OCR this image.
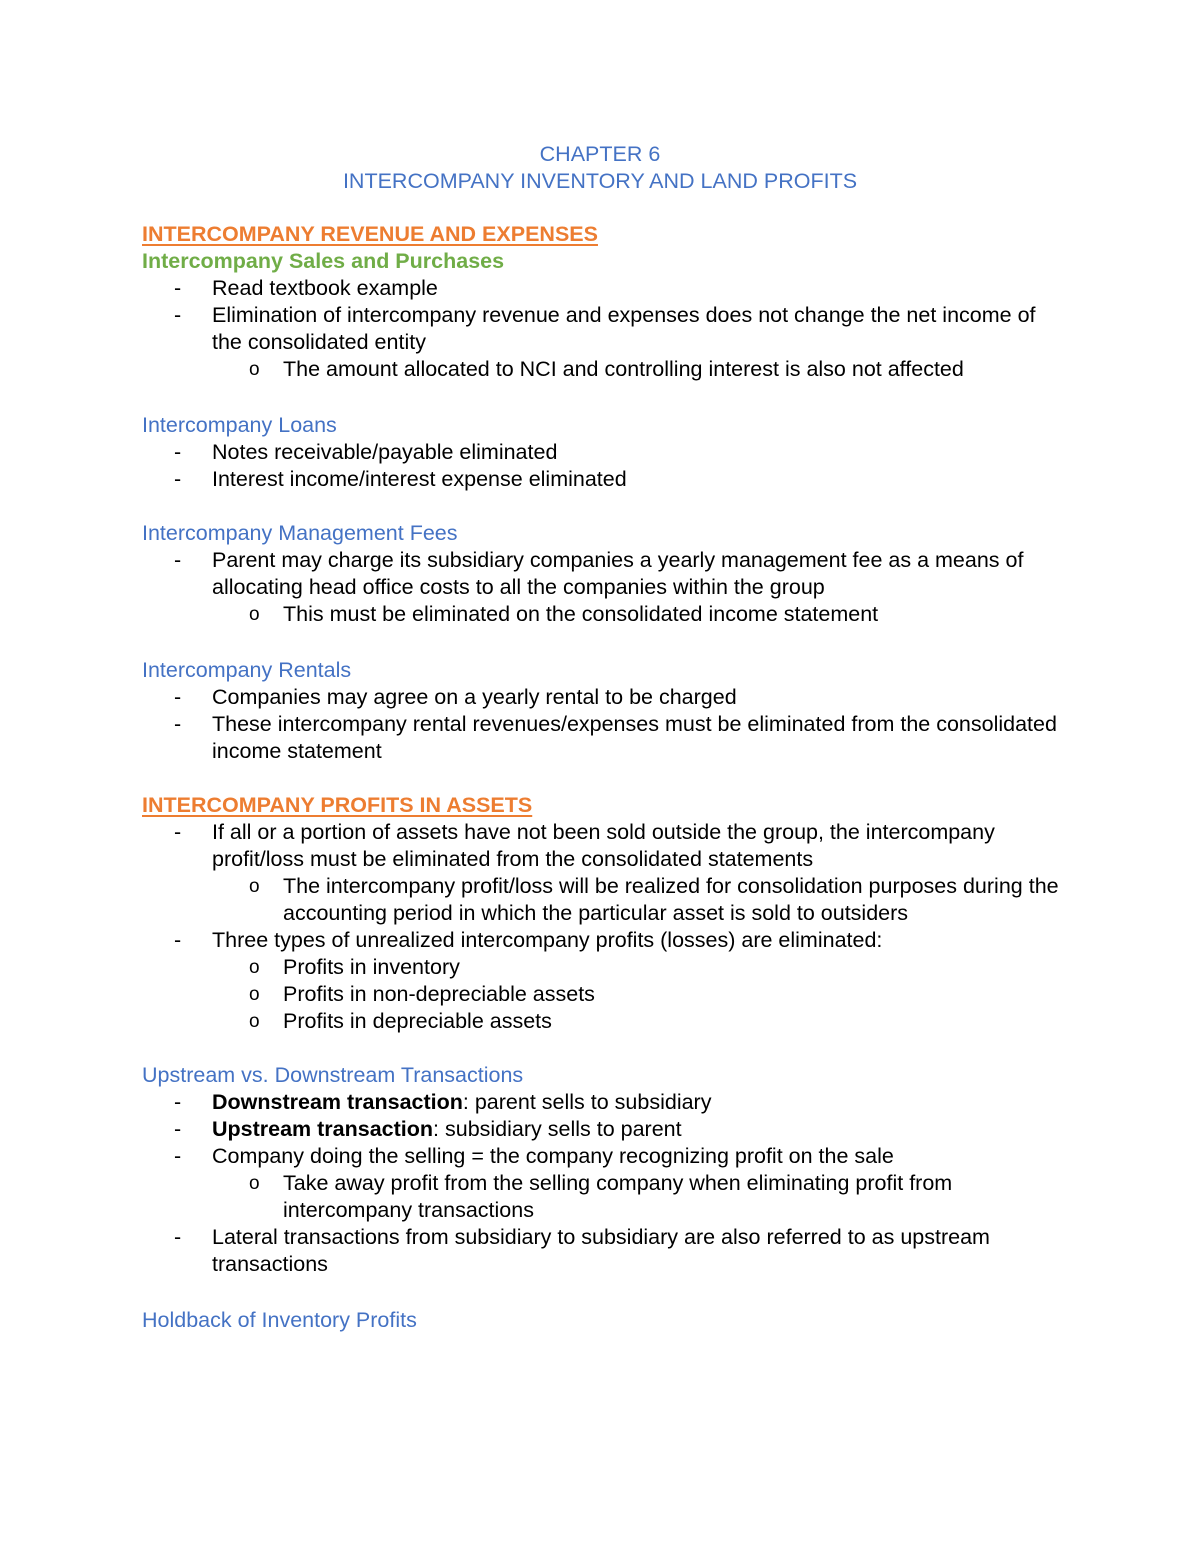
CHAPTER 6
INTERCOMPANY INVENTORY AND LAND PROFITS
INTERCOMPANY REVENUE AND EXPENSES
Intercompany Sales and Purchases
- Read textbook example
- Elimination of intercompany revenue and expenses does not change the net income of the consolidated entity
o The amount allocated to NCI and controlling interest is also not affected
Intercompany Loans
- Notes receivable/payable eliminated
- Interest income/interest expense eliminated
Intercompany Management Fees
- Parent may charge its subsidiary companies a yearly management fee as a means of allocating head office costs to all the companies within the group
o This must be eliminated on the consolidated income statement
Intercompany Rentals
- Companies may agree on a yearly rental to be charged
- These intercompany rental revenues/expenses must be eliminated from the consolidated income statement
INTERCOMPANY PROFITS IN ASSETS
- If all or a portion of assets have not been sold outside the group, the intercompany profit/loss must be eliminated from the consolidated statements
o The intercompany profit/loss will be realized for consolidation purposes during the accounting period in which the particular asset is sold to outsiders
- Three types of unrealized intercompany profits (losses) are eliminated:
o Profits in inventory
o Profits in non-depreciable assets
o Profits in depreciable assets
Upstream vs. Downstream Transactions
- Downstream transaction: parent sells to subsidiary
- Upstream transaction: subsidiary sells to parent
- Company doing the selling = the company recognizing profit on the sale
o Take away profit from the selling company when eliminating profit from intercompany transactions
- Lateral transactions from subsidiary to subsidiary are also referred to as upstream transactions
Holdback of Inventory Profits
